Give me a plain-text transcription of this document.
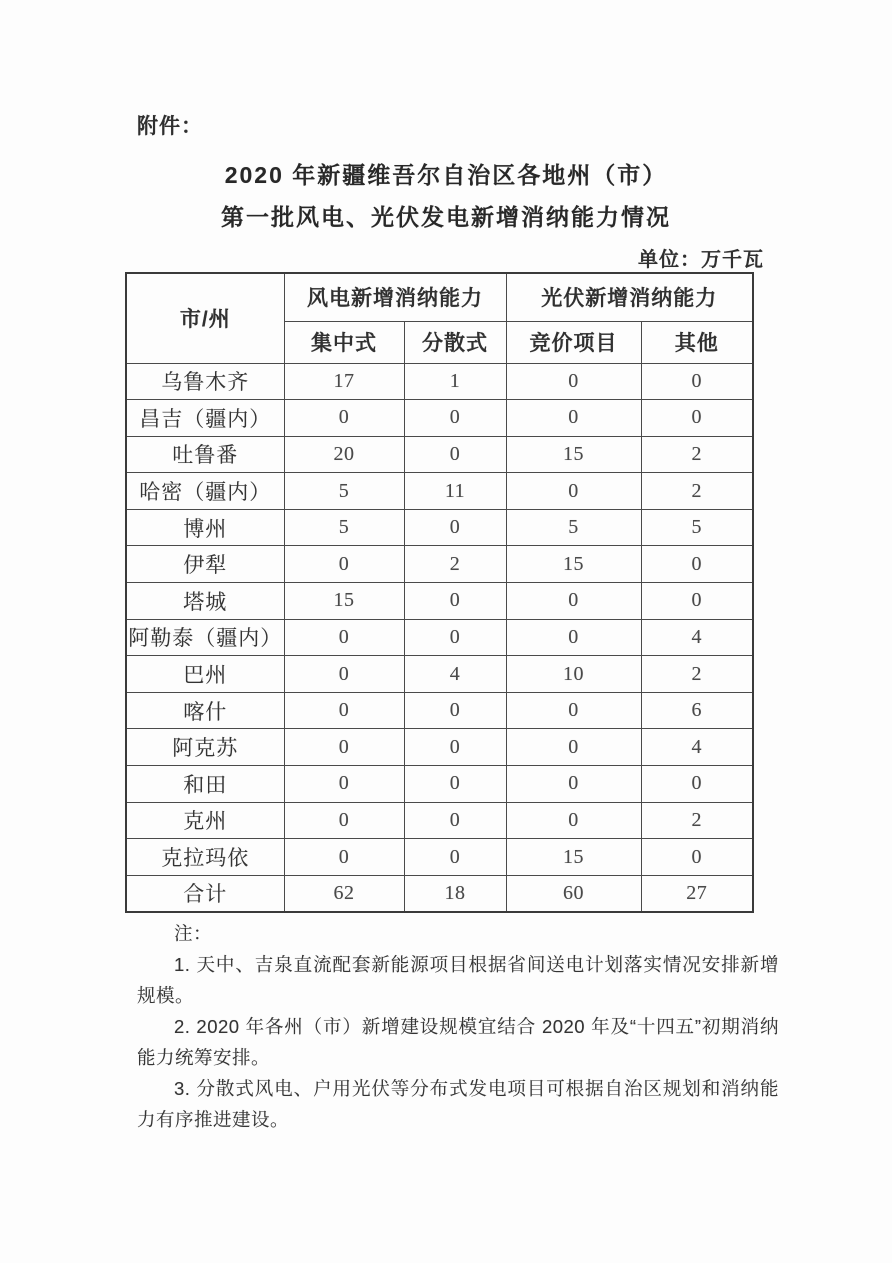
附件：
2020 年新疆维吾尔自治区各地州（市）
第一批风电、光伏发电新增消纳能力情况
单位：万千瓦
市/州	风电新增消纳能力		光伏新增消纳能力	
	集中式	分散式	竞价项目	其他
乌鲁木齐	17	1	0	0
昌吉（疆内）	0	0	0	0
吐鲁番	20	0	15	2
哈密（疆内）	5	11	0	2
博州	5	0	5	5
伊犁	0	2	15	0
塔城	15	0	0	0
阿勒泰（疆内）	0	0	0	4
巴州	0	4	10	2
喀什	0	0	0	6
阿克苏	0	0	0	4
和田	0	0	0	0
克州	0	0	0	2
克拉玛依	0	0	15	0
合计	62	18	60	27
注：

1. 天中、吉泉直流配套新能源项目根据省间送电计划落实情况安排新增规模。

2. 2020 年各州（市）新增建设规模宜结合 2020 年及“十四五”初期消纳能力统筹安排。

3. 分散式风电、户用光伏等分布式发电项目可根据自治区规划和消纳能力有序推进建设。
